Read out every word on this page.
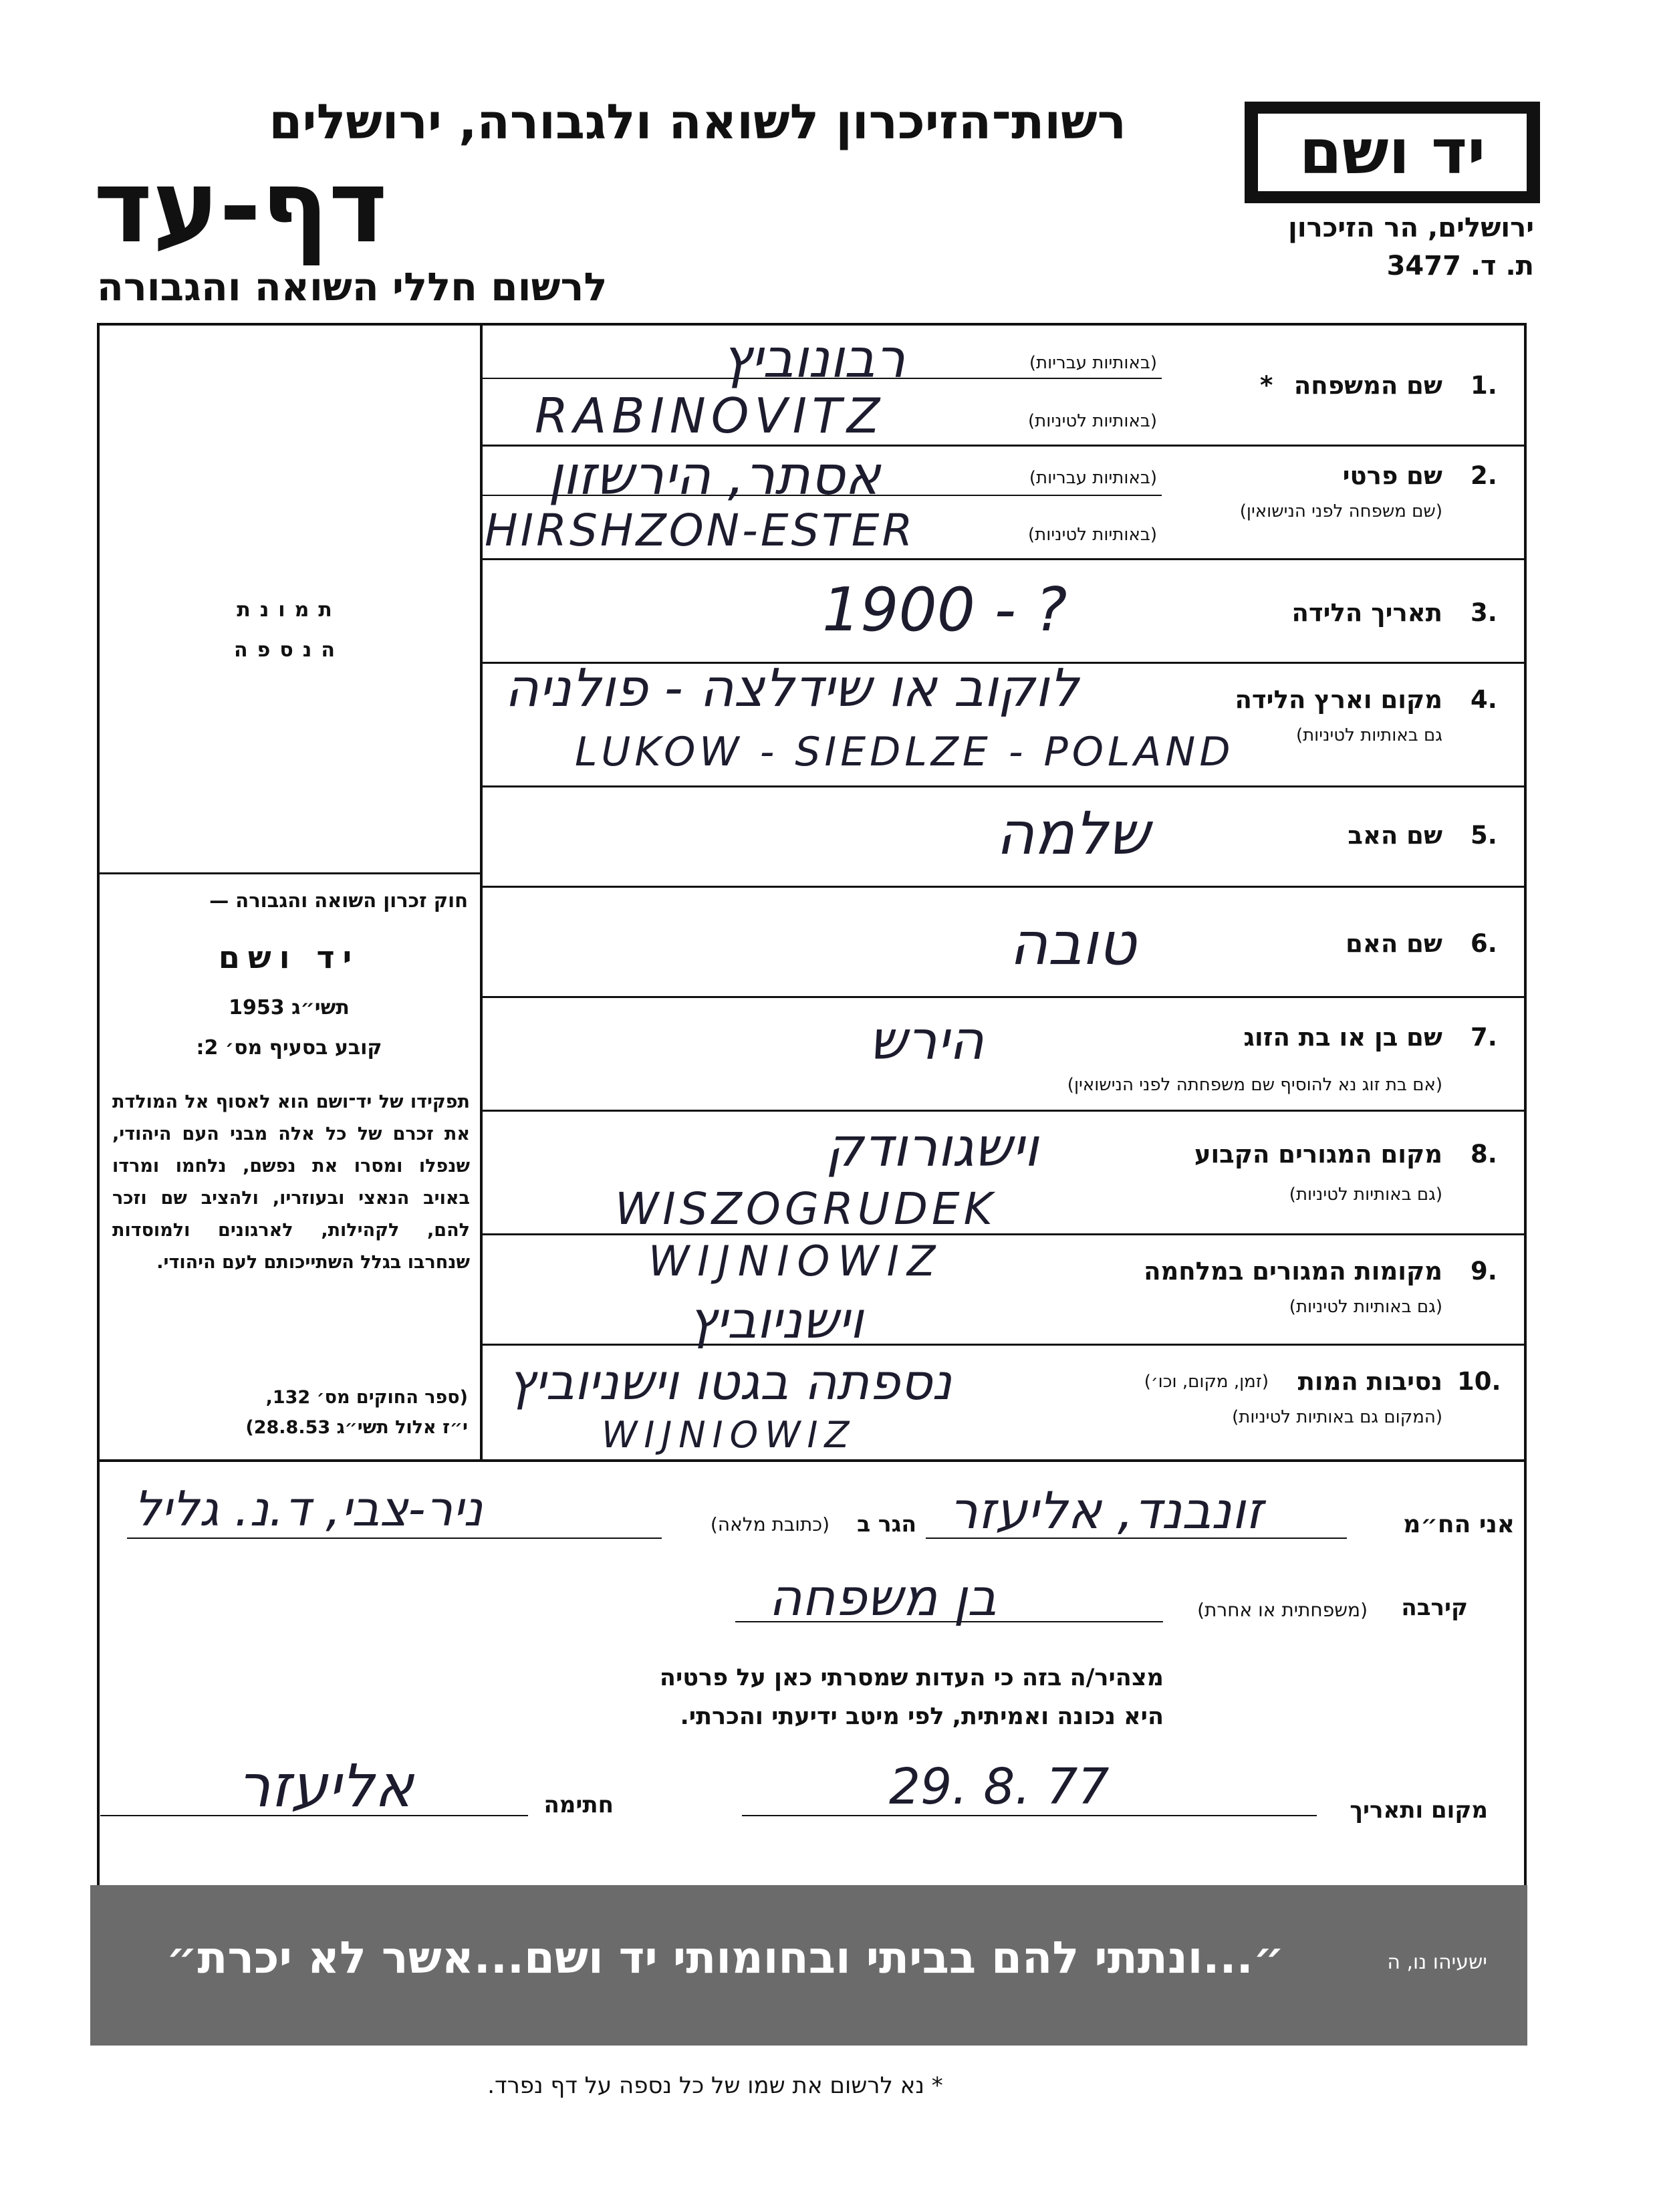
רשות־הזיכרון לשואה ולגבורה, ירושלים
דף-עד
לרשום חללי השואה והגבורה
יד ושם
ירושלים, הר הזיכרון
ת. ד. 3477
תמונת
הנספה
חוק זכרון השואה והגבורה —
יד ושם
תשי״ג 1953
קובע בסעיף מס׳ 2:
תפקידו של יד־ושם הוא לאסוף אל המולדת את זכרם של כל אלה מבני העם היהודי, שנפלו ומסרו את נפשם, נלחמו ומרדו באויב הנאצי ובעוזריו, ולהציב שם וזכר להם, לקהילות, לארגונים ולמוסדות שנחרבו בגלל השתייכותם לעם היהודי.
(ספר החוקים מס׳ 132,
י״ז אלול תשי״ג 28.8.53)
1.
שם המשפחה
*
(באותיות עבריות)
(באותיות לטיניות)
רבונוביץ
RABINOVITZ
2.
שם פרטי
(שם משפחה לפני הנישואין)
(באותיות עבריות)
(באותיות לטיניות)
אסתר, הירשזון
HIRSHZON-ESTER
3.
תאריך הלידה
1900 - ?
4.
מקום וארץ הלידה
גם באותיות לטיניות)
לוקוב או שידלצה - פולניה
LUKOW - SIEDLZE - POLAND
5.
שם האב
שלמה
6.
שם האם
טובה
7.
שם בן או בת הזוג
(אם בת זוג נא להוסיף שם משפחתה לפני הנישואין)
הירש
8.
מקום המגורים הקבוע
(גם באותיות לטיניות)
וישגורודק
WISZOGRUDEK
9.
מקומות המגורים במלחמה
(גם באותיות לטיניות)
WIJNIOWIZ
וישניוביץ
10.
נסיבות המות
(זמן, מקום, וכו׳)
(המקום גם באותיות לטיניות)
נספתה בגטו וישניוביץ
WIJNIOWIZ
אני הח״מ
זונבנד, אליעזר
הגר ב
(כתובת מלאה)
ניר-צבי, ד.נ. גליל
קירבה
(משפחתית או אחרת)
בן משפחה
מצהיר/ה בזה כי העדות שמסרתי כאן על פרטיה
היא נכונה ואמיתית, לפי מיטב ידיעתי והכרתי.
אליעזר	חתימה	29. 8. 77	מקום ותאריך
״...ונתתי להם בביתי ובחומותי יד ושם...אשר לא יכרת״	ישעיהו נו, ה
* נא לרשום את שמו של כל נספה על דף נפרד.
